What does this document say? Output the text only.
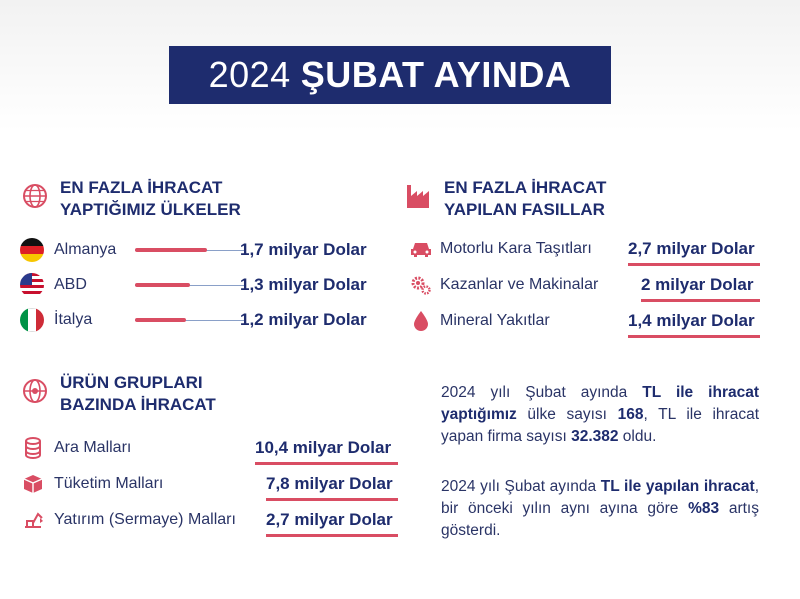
2024 ŞUBAT AYINDA
EN FAZLA İHRACAT
YAPTIĞIMIZ ÜLKELER
Almanya	1,7 milyar Dolar
ABD	1,3 milyar Dolar
İtalya	1,2 milyar Dolar
EN FAZLA İHRACAT
YAPILAN FASILLAR
Motorlu Kara Taşıtları 2,7 milyar Dolar
Kazanlar ve Makinalar	2 milyar Dolar
Mineral Yakıtlar	1,4 milyar Dolar
ÜRÜN GRUPLARI
BAZINDA İHRACAT
Ara Malları	10,4 milyar Dolar
Tüketim Malları	7,8 milyar Dolar
Yatırım (Sermaye) Malları 2,7 milyar Dolar
2024 yılı Şubat ayında TL ile ihracat yaptığımız ülke sayısı 168, TL ile ihracat yapan firma sayısı 32.382 oldu.
2024 yılı Şubat ayında TL ile yapılan ihracat, bir önceki yılın aynı ayına göre %83 artış gösterdi.
